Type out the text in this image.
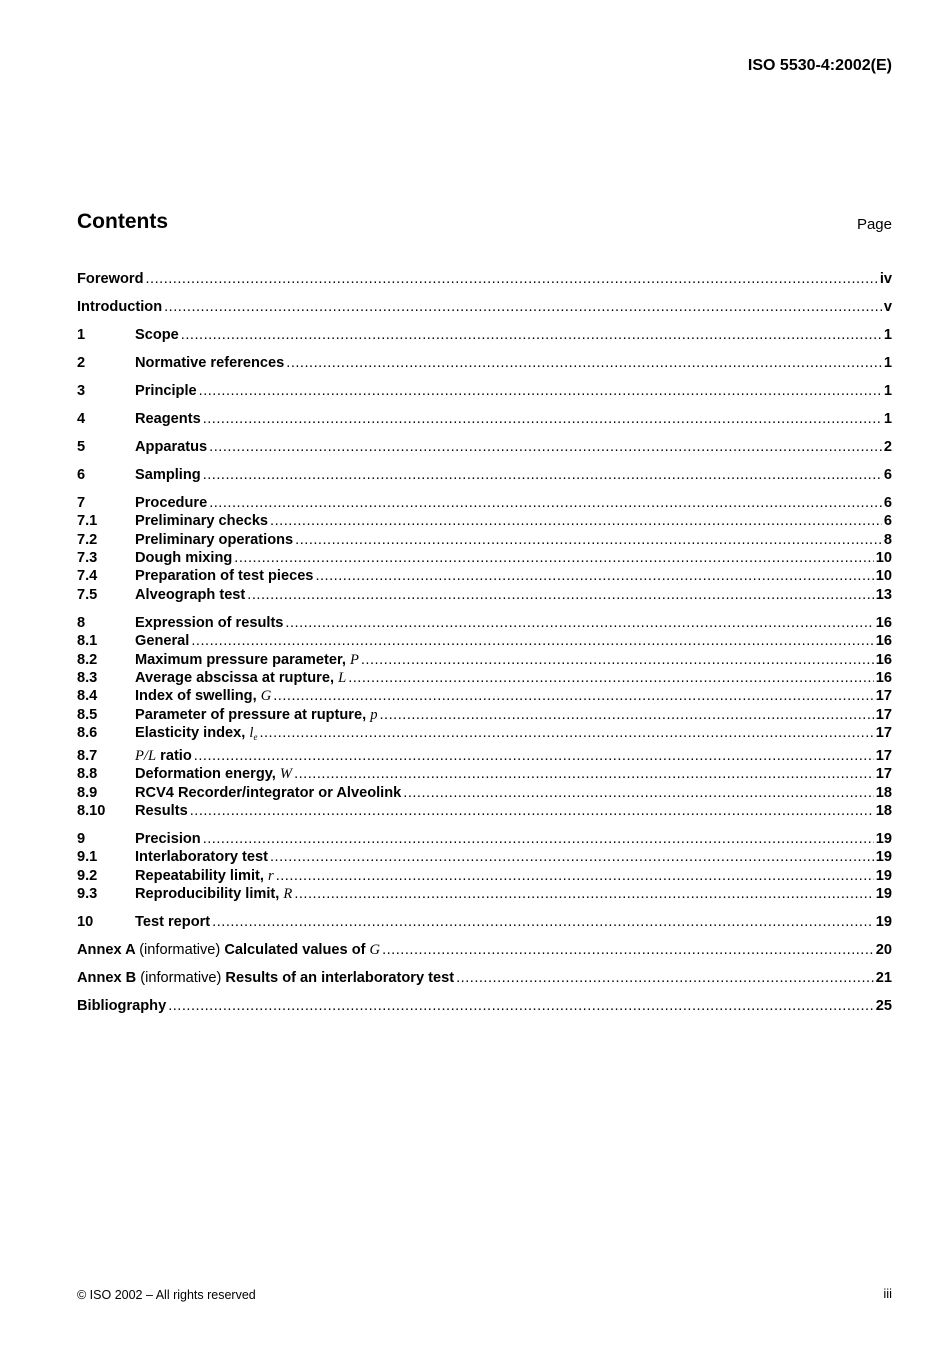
ISO 5530-4:2002(E)
Contents	Page
Foreword .....	iv
Introduction .....	v
1	Scope .....	1
2	Normative references .....	1
3	Principle .....	1
4	Reagents .....	1
5	Apparatus .....	2
6	Sampling .....	6
7	Procedure .....	6
7.1	Preliminary checks .....	6
7.2	Preliminary operations .....	8
7.3	Dough mixing .....	10
7.4	Preparation of test pieces .....	10
7.5	Alveograph test .....	13
8	Expression of results .....	16
8.1	General .....	16
8.2	Maximum pressure parameter, P .....	16
8.3	Average abscissa at rupture, L .....	16
8.4	Index of swelling, G .....	17
8.5	Parameter of pressure at rupture, p .....	17
8.6	Elasticity index, $l_e$ .....	17
8.7	P/L ratio .....	17
8.8	Deformation energy, W .....	17
8.9	RCV4 Recorder/integrator or Alveolink .....	18
8.10	Results .....	18
9	Precision .....	19
9.1	Interlaboratory test .....	19
9.2	Repeatability limit, r .....	19
9.3	Reproducibility limit, R .....	19
10	Test report .....	19
Annex A (informative) Calculated values of G .....	20
Annex B (informative) Results of an interlaboratory test .....	21
Bibliography .....	25
© ISO 2002 – All rights reserved	iii
